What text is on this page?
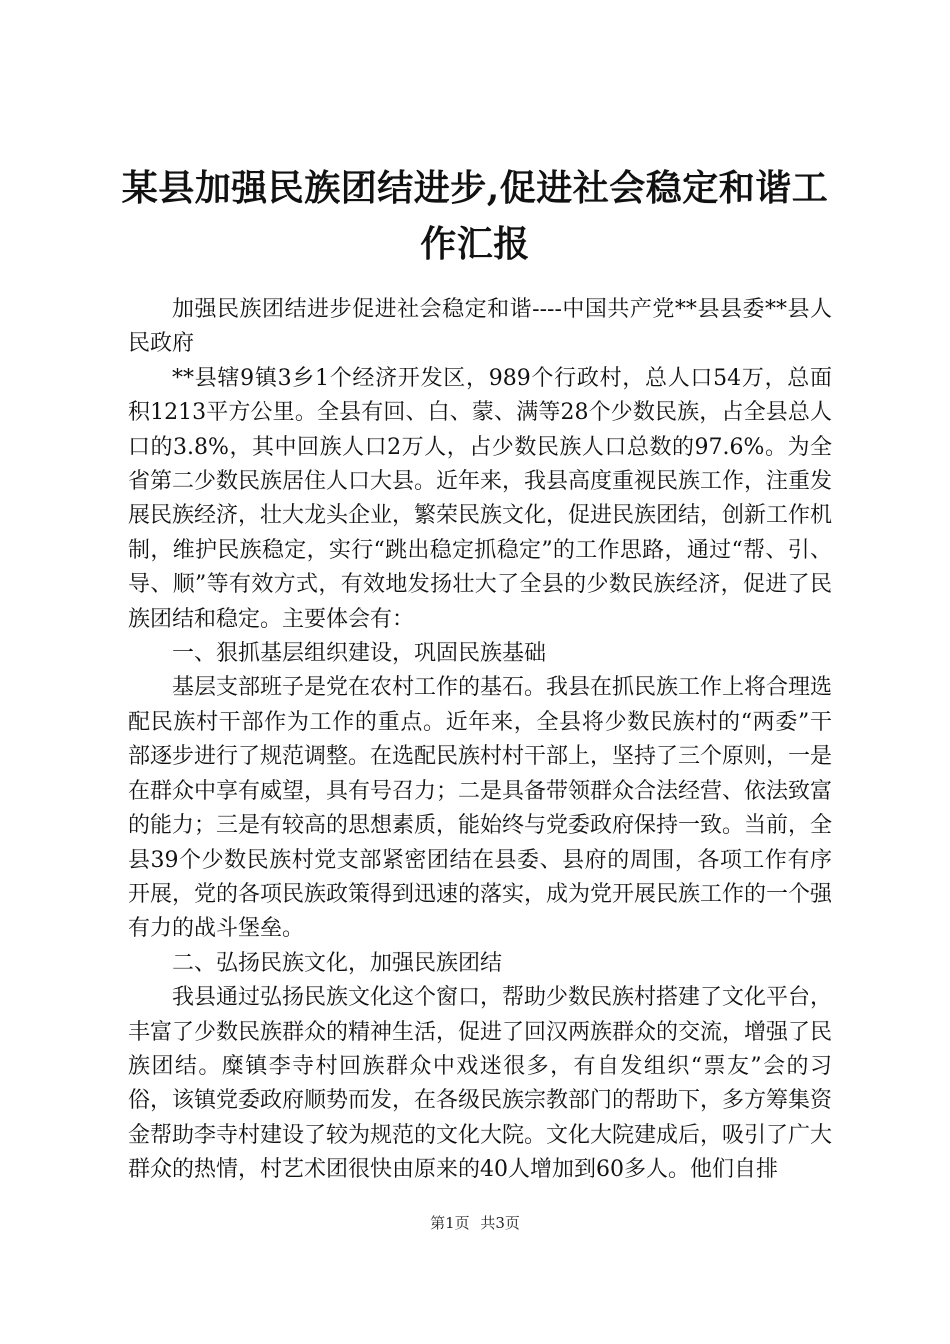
某县加强民族团结进步,促进社会稳定和谐工作汇报

加强民族团结进步促进社会稳定和谐----中国共产党**县县委**县人民政府

**县辖9镇3乡1个经济开发区，989个行政村，总人口54万，总面积1213平方公里。全县有回、白、蒙、满等28个少数民族，占全县总人口的3.8%，其中回族人口2万人，占少数民族人口总数的97.6%。为全省第二少数民族居住人口大县。近年来，我县高度重视民族工作，注重发展民族经济，壮大龙头企业，繁荣民族文化，促进民族团结，创新工作机制，维护民族稳定，实行“跳出稳定抓稳定”的工作思路，通过“帮、引、导、顺”等有效方式，有效地发扬壮大了全县的少数民族经济，促进了民族团结和稳定。主要体会有：

一、狠抓基层组织建设，巩固民族基础

基层支部班子是党在农村工作的基石。我县在抓民族工作上将合理选配民族村干部作为工作的重点。近年来，全县将少数民族村的“两委”干部逐步进行了规范调整。在选配民族村村干部上，坚持了三个原则，一是在群众中享有威望，具有号召力；二是具备带领群众合法经营、依法致富的能力；三是有较高的思想素质，能始终与党委政府保持一致。当前，全县39个少数民族村党支部紧密团结在县委、县府的周围，各项工作有序开展，党的各项民族政策得到迅速的落实，成为党开展民族工作的一个强有力的战斗堡垒。

二、弘扬民族文化，加强民族团结

我县通过弘扬民族文化这个窗口，帮助少数民族村搭建了文化平台，丰富了少数民族群众的精神生活，促进了回汉两族群众的交流，增强了民族团结。糜镇李寺村回族群众中戏迷很多，有自发组织“票友”会的习俗，该镇党委政府顺势而发，在各级民族宗教部门的帮助下，多方筹集资金帮助李寺村建设了较为规范的文化大院。文化大院建成后，吸引了广大群众的热情，村艺术团很快由原来的40人增加到60多人。他们自排

第1页 共3页
